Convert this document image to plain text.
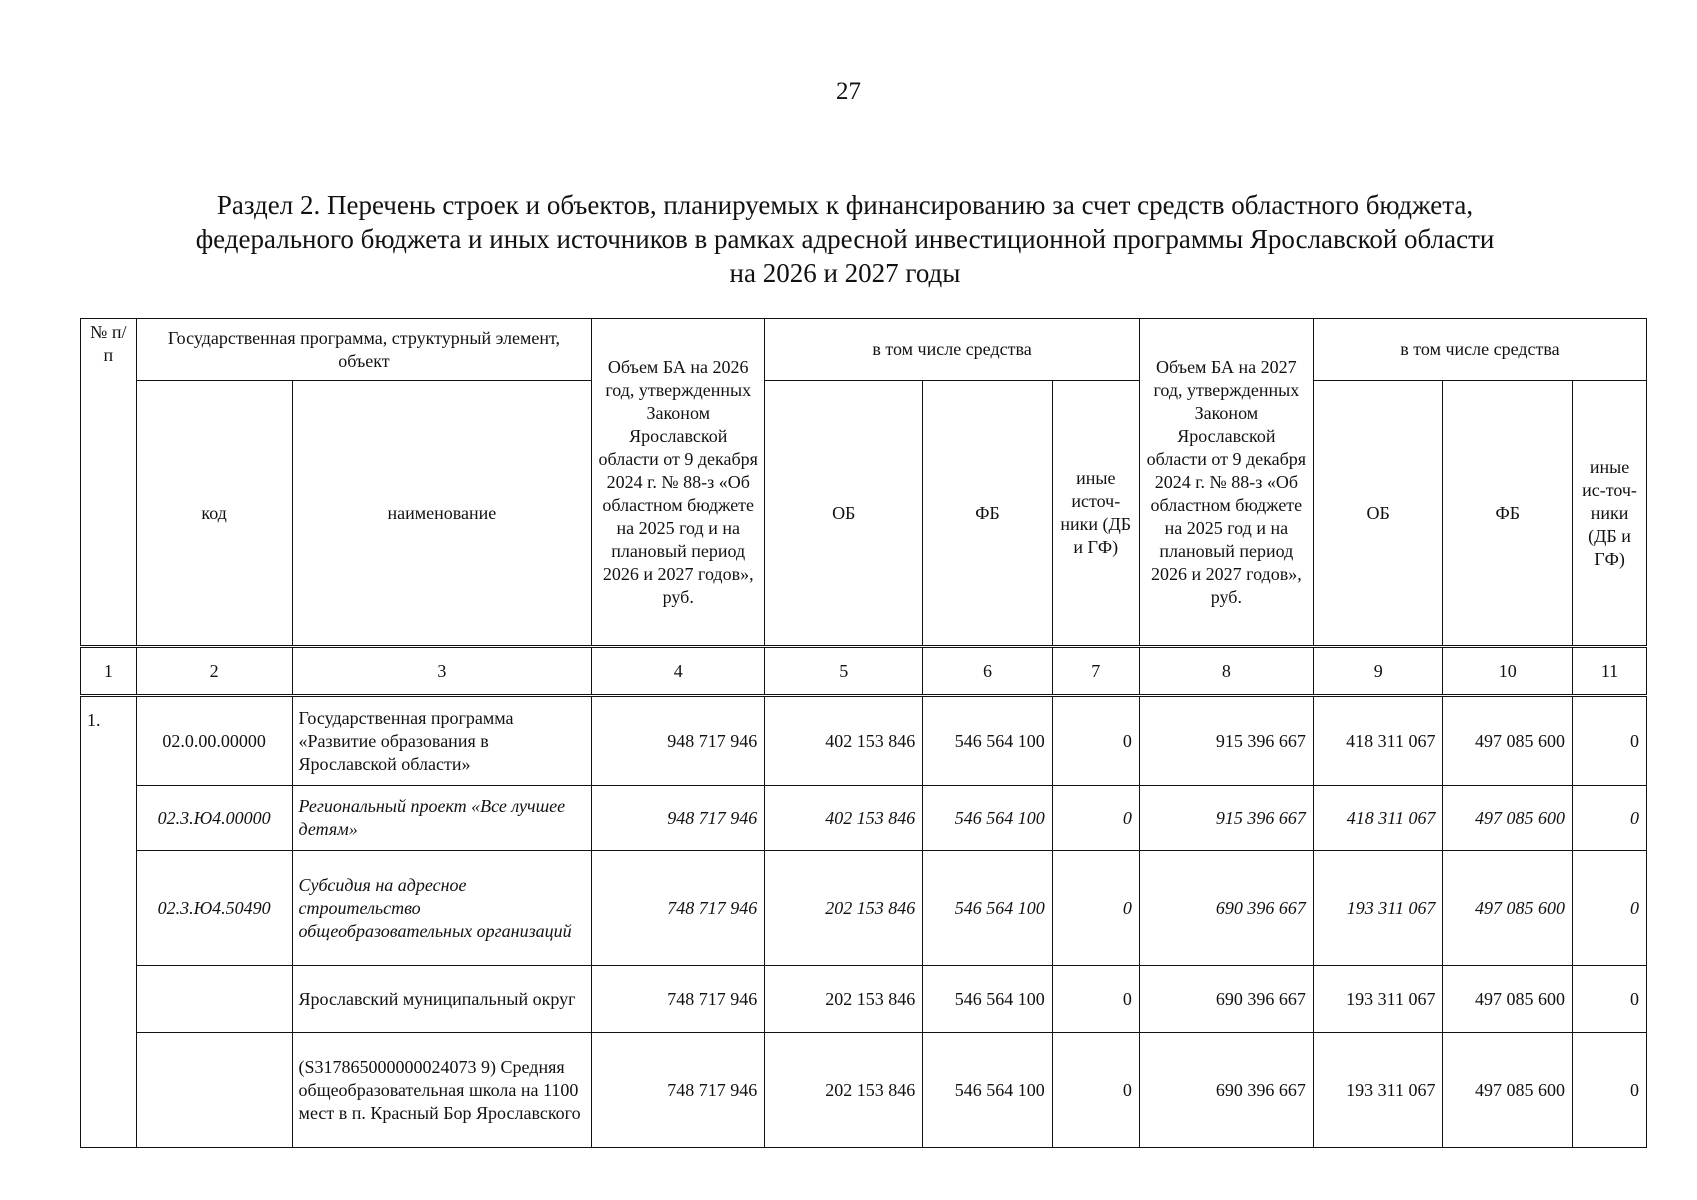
27
Раздел 2. Перечень строек и объектов, планируемых к финансированию за счет средств областного бюджета,
федерального бюджета и иных источников в рамках адресной инвестиционной программы Ярославской области
на 2026 и 2027 годы
№ п/п	Государственная программа, структурный элемент, объект		Объем БА на 2026 год, утвержденных Законом Ярославской области от 9 декабря 2024 г. № 88-з «Об областном бюджете на 2025 год и на плановый период 2026 и 2027 годов», руб.	в том числе средства			Объем БА на 2027 год, утвержденных Законом Ярославской области от 9 декабря 2024 г. № 88-з «Об областном бюджете на 2025 год и на плановый период 2026 и 2027 годов», руб.	в том числе средства		
	код	наименование		ОБ	ФБ	иные источ-ники (ДБ и ГФ)		ОБ	ФБ	иные ис-точ-ники (ДБ и ГФ)
1	2	3	4	5	6	7	8	9	10	11
1.	02.0.00.00000	Государственная программа «Развитие образования в Ярославской области»	948 717 946	402 153 846	546 564 100	0	915 396 667	418 311 067	497 085 600	0
	02.3.Ю4.00000	Региональный проект «Все лучшее детям»	948 717 946	402 153 846	546 564 100	0	915 396 667	418 311 067	497 085 600	0
	02.3.Ю4.50490	Субсидия на адресное строительство общеобразовательных организаций	748 717 946	202 153 846	546 564 100	0	690 396 667	193 311 067	497 085 600	0
		Ярославский муниципальный округ	748 717 946	202 153 846	546 564 100	0	690 396 667	193 311 067	497 085 600	0
		(S317865000000024073 9) Средняя общеобразовательная школа на 1100 мест в п. Красный Бор Ярославского	748 717 946	202 153 846	546 564 100	0	690 396 667	193 311 067	497 085 600	0
